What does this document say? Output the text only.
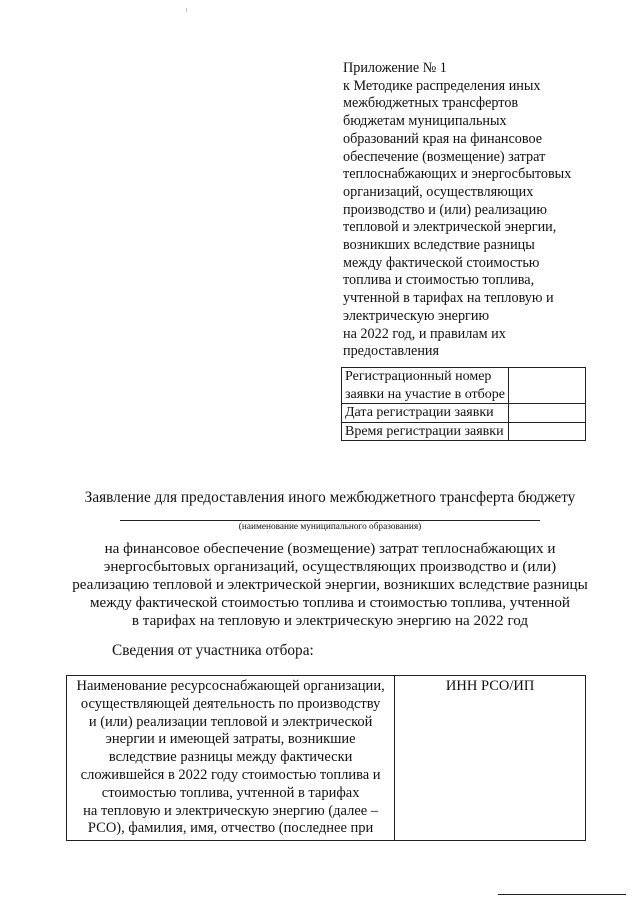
Приложение № 1
к Методике распределения иных
межбюджетных трансфертов
бюджетам муниципальных
образований края на финансовое
обеспечение (возмещение) затрат
теплоснабжающих и энергосбытовых
организаций, осуществляющих
производство и (или) реализацию
тепловой и электрической энергии,
возникших вследствие разницы
между фактической стоимостью
топлива и стоимостью топлива,
учтенной в тарифах на тепловую и
электрическую энергию
на 2022 год, и правилам их
предоставления
Регистрационный номер заявки на участие в отборе	
Дата регистрации заявки	
Время регистрации заявки	
Заявление для предоставления иного межбюджетного трансферта бюджету
(наименование муниципального образования)
на финансовое обеспечение (возмещение) затрат теплоснабжающих и
энергосбытовых организаций, осуществляющих производство и (или)
реализацию тепловой и электрической энергии, возникших вследствие разницы
между фактической стоимостью топлива и стоимостью топлива, учтенной
в тарифах на тепловую и электрическую энергию на 2022 год
Сведения от участника отбора:
Наименование ресурсоснабжающей организации,
осуществляющей деятельность по производству
и (или) реализации тепловой и электрической
энергии и имеющей затраты, возникшие
вследствие разницы между фактически
сложившейся в 2022 году стоимостью топлива и
стоимостью топлива, учтенной в тарифах
на тепловую и электрическую энергию (далее –
РСО), фамилия, имя, отчество (последнее при
	ИНН РСО/ИП
